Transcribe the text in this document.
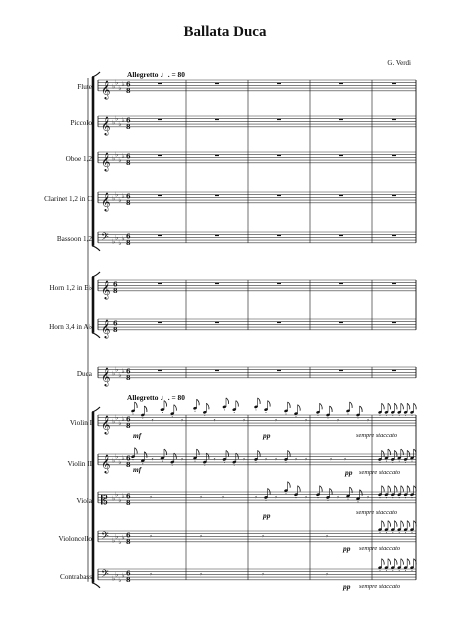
Ballata Duca
G. Verdi
Flute
Piccolo
Oboe 1,2
Clarinet 1,2 in C
Bassoon 1,2
Horn 1,2 in E♭
Horn 3,4 in A♭
Duca
Violin I
Violin II
Viola
Violoncello
Contrabass
Allegretto ♩. = 80
Allegretto ♩. = 80
mf	pp
mf	pp
pp
pp
pp
sempre staccato
sempre staccato
sempre staccato
sempre staccato
sempre staccato
𝄞 ♭
♭
♭
♭ 6
8
𝄞 ♭
♭
♭
♭ 6
8
𝄞 ♭
♭
♭
♭ 6
8
𝄞 ♭
♭
♭
♭ 6
8
𝄢 ♭
♭
♭
♭ 6
8
𝄞 6
8
𝄞 6
8
𝄞 ♭
♭
♭
♭ 6
8
𝄞 ♭
♭
♭
♭ 6
8
𝄞 ♭
♭
♭
♭ 6
8
𝄡 ♭
♭
♭
♭ 6
8
𝄢 ♭
♭
♭
♭ 6
8
𝄢 ♭
♭
♭
♭ 6
8
𝄾	𝄾	𝄾	𝄾	𝄾	𝄾	𝄾	𝄾
𝄾	𝄾	𝄾	𝄾	𝄾 𝄾	𝄾 𝄾
𝄾	𝄾	𝄾	𝄾	𝄾
𝄾 𝄾
𝄾	𝄾
𝄾	𝄾	𝄾
𝄾	𝄾	𝄾
𝄾
𝄾
𝄾
